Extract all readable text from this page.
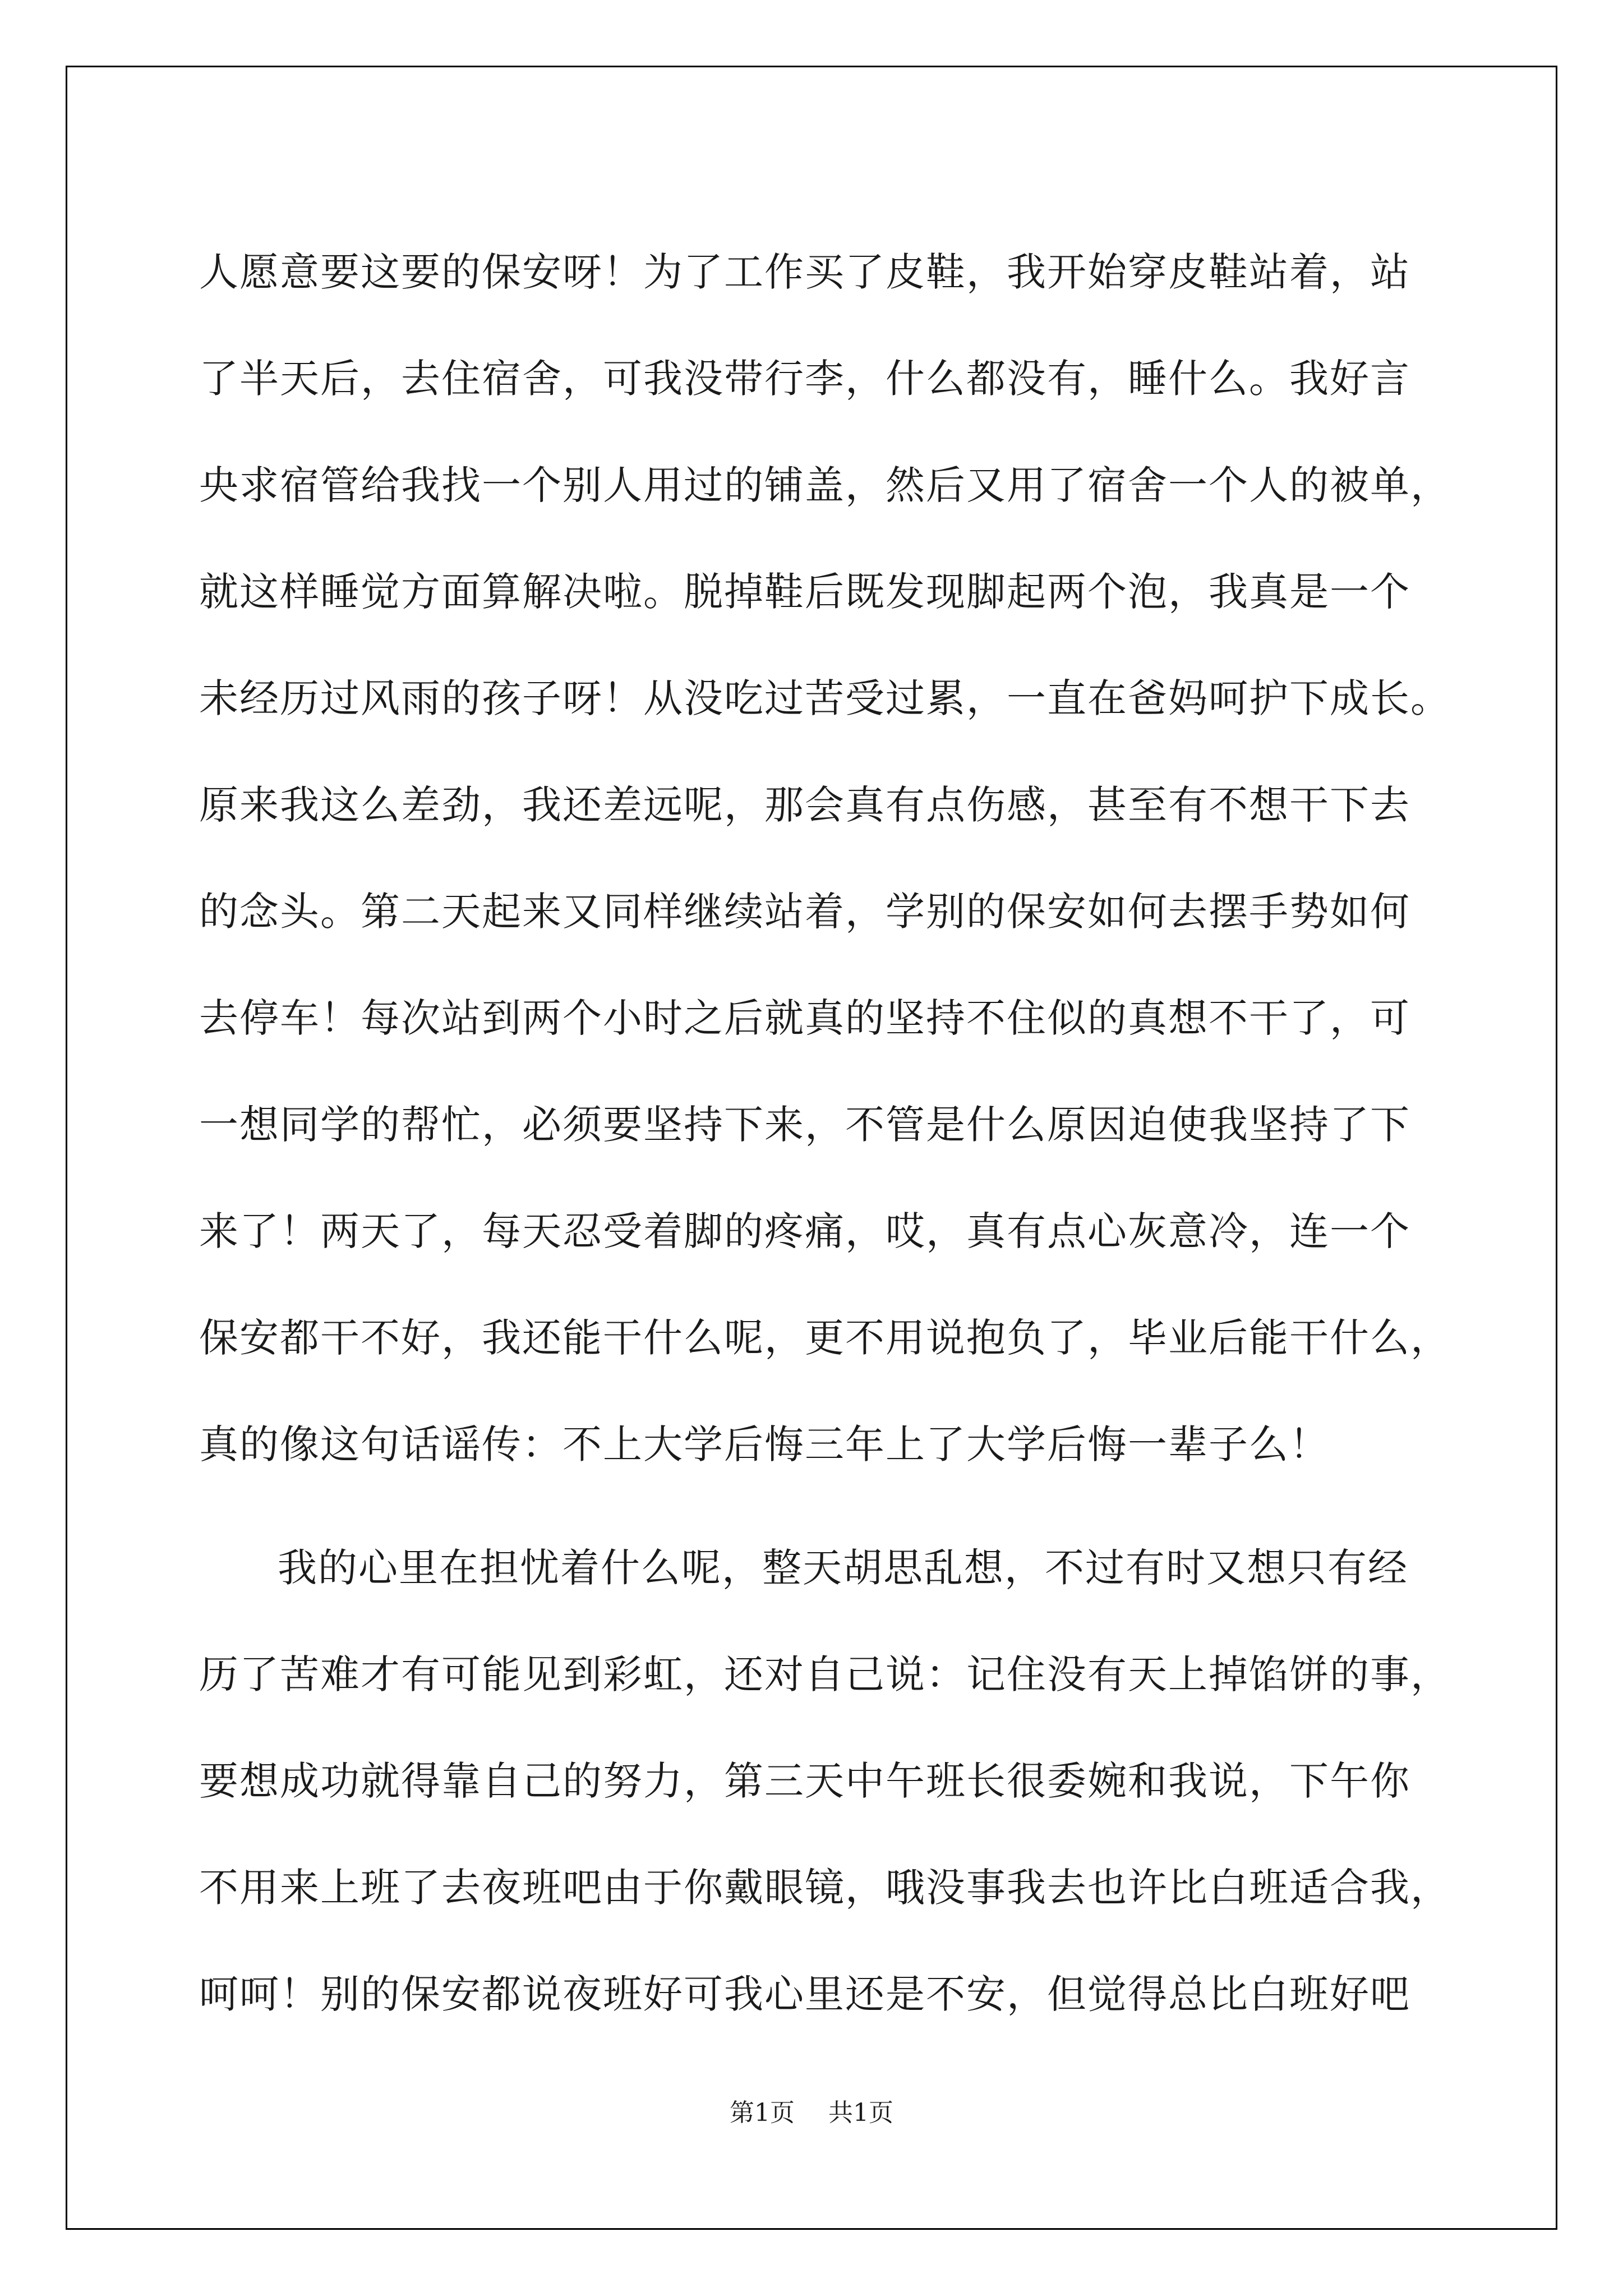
人愿意要这要的保安呀！为了工作买了皮鞋，我开始穿皮鞋站着，站
了半天后，去住宿舍，可我没带行李，什么都没有，睡什么。我好言
央求宿管给我找一个别人用过的铺盖，然后又用了宿舍一个人的被单，
就这样睡觉方面算解决啦。脱掉鞋后既发现脚起两个泡，我真是一个
未经历过风雨的孩子呀！从没吃过苦受过累，一直在爸妈呵护下成长。
原来我这么差劲，我还差远呢，那会真有点伤感，甚至有不想干下去
的念头。第二天起来又同样继续站着，学别的保安如何去摆手势如何
去停车！每次站到两个小时之后就真的坚持不住似的真想不干了，可
一想同学的帮忙，必须要坚持下来，不管是什么原因迫使我坚持了下
来了！两天了，每天忍受着脚的疼痛，哎，真有点心灰意冷，连一个
保安都干不好，我还能干什么呢，更不用说抱负了，毕业后能干什么，
真的像这句话谣传：不上大学后悔三年上了大学后悔一辈子么！
我的心里在担忧着什么呢，整天胡思乱想，不过有时又想只有经
历了苦难才有可能见到彩虹，还对自己说：记住没有天上掉馅饼的事，
要想成功就得靠自己的努力，第三天中午班长很委婉和我说，下午你
不用来上班了去夜班吧由于你戴眼镜，哦没事我去也许比白班适合我，
呵呵！别的保安都说夜班好可我心里还是不安，但觉得总比白班好吧
第1页 共1页
